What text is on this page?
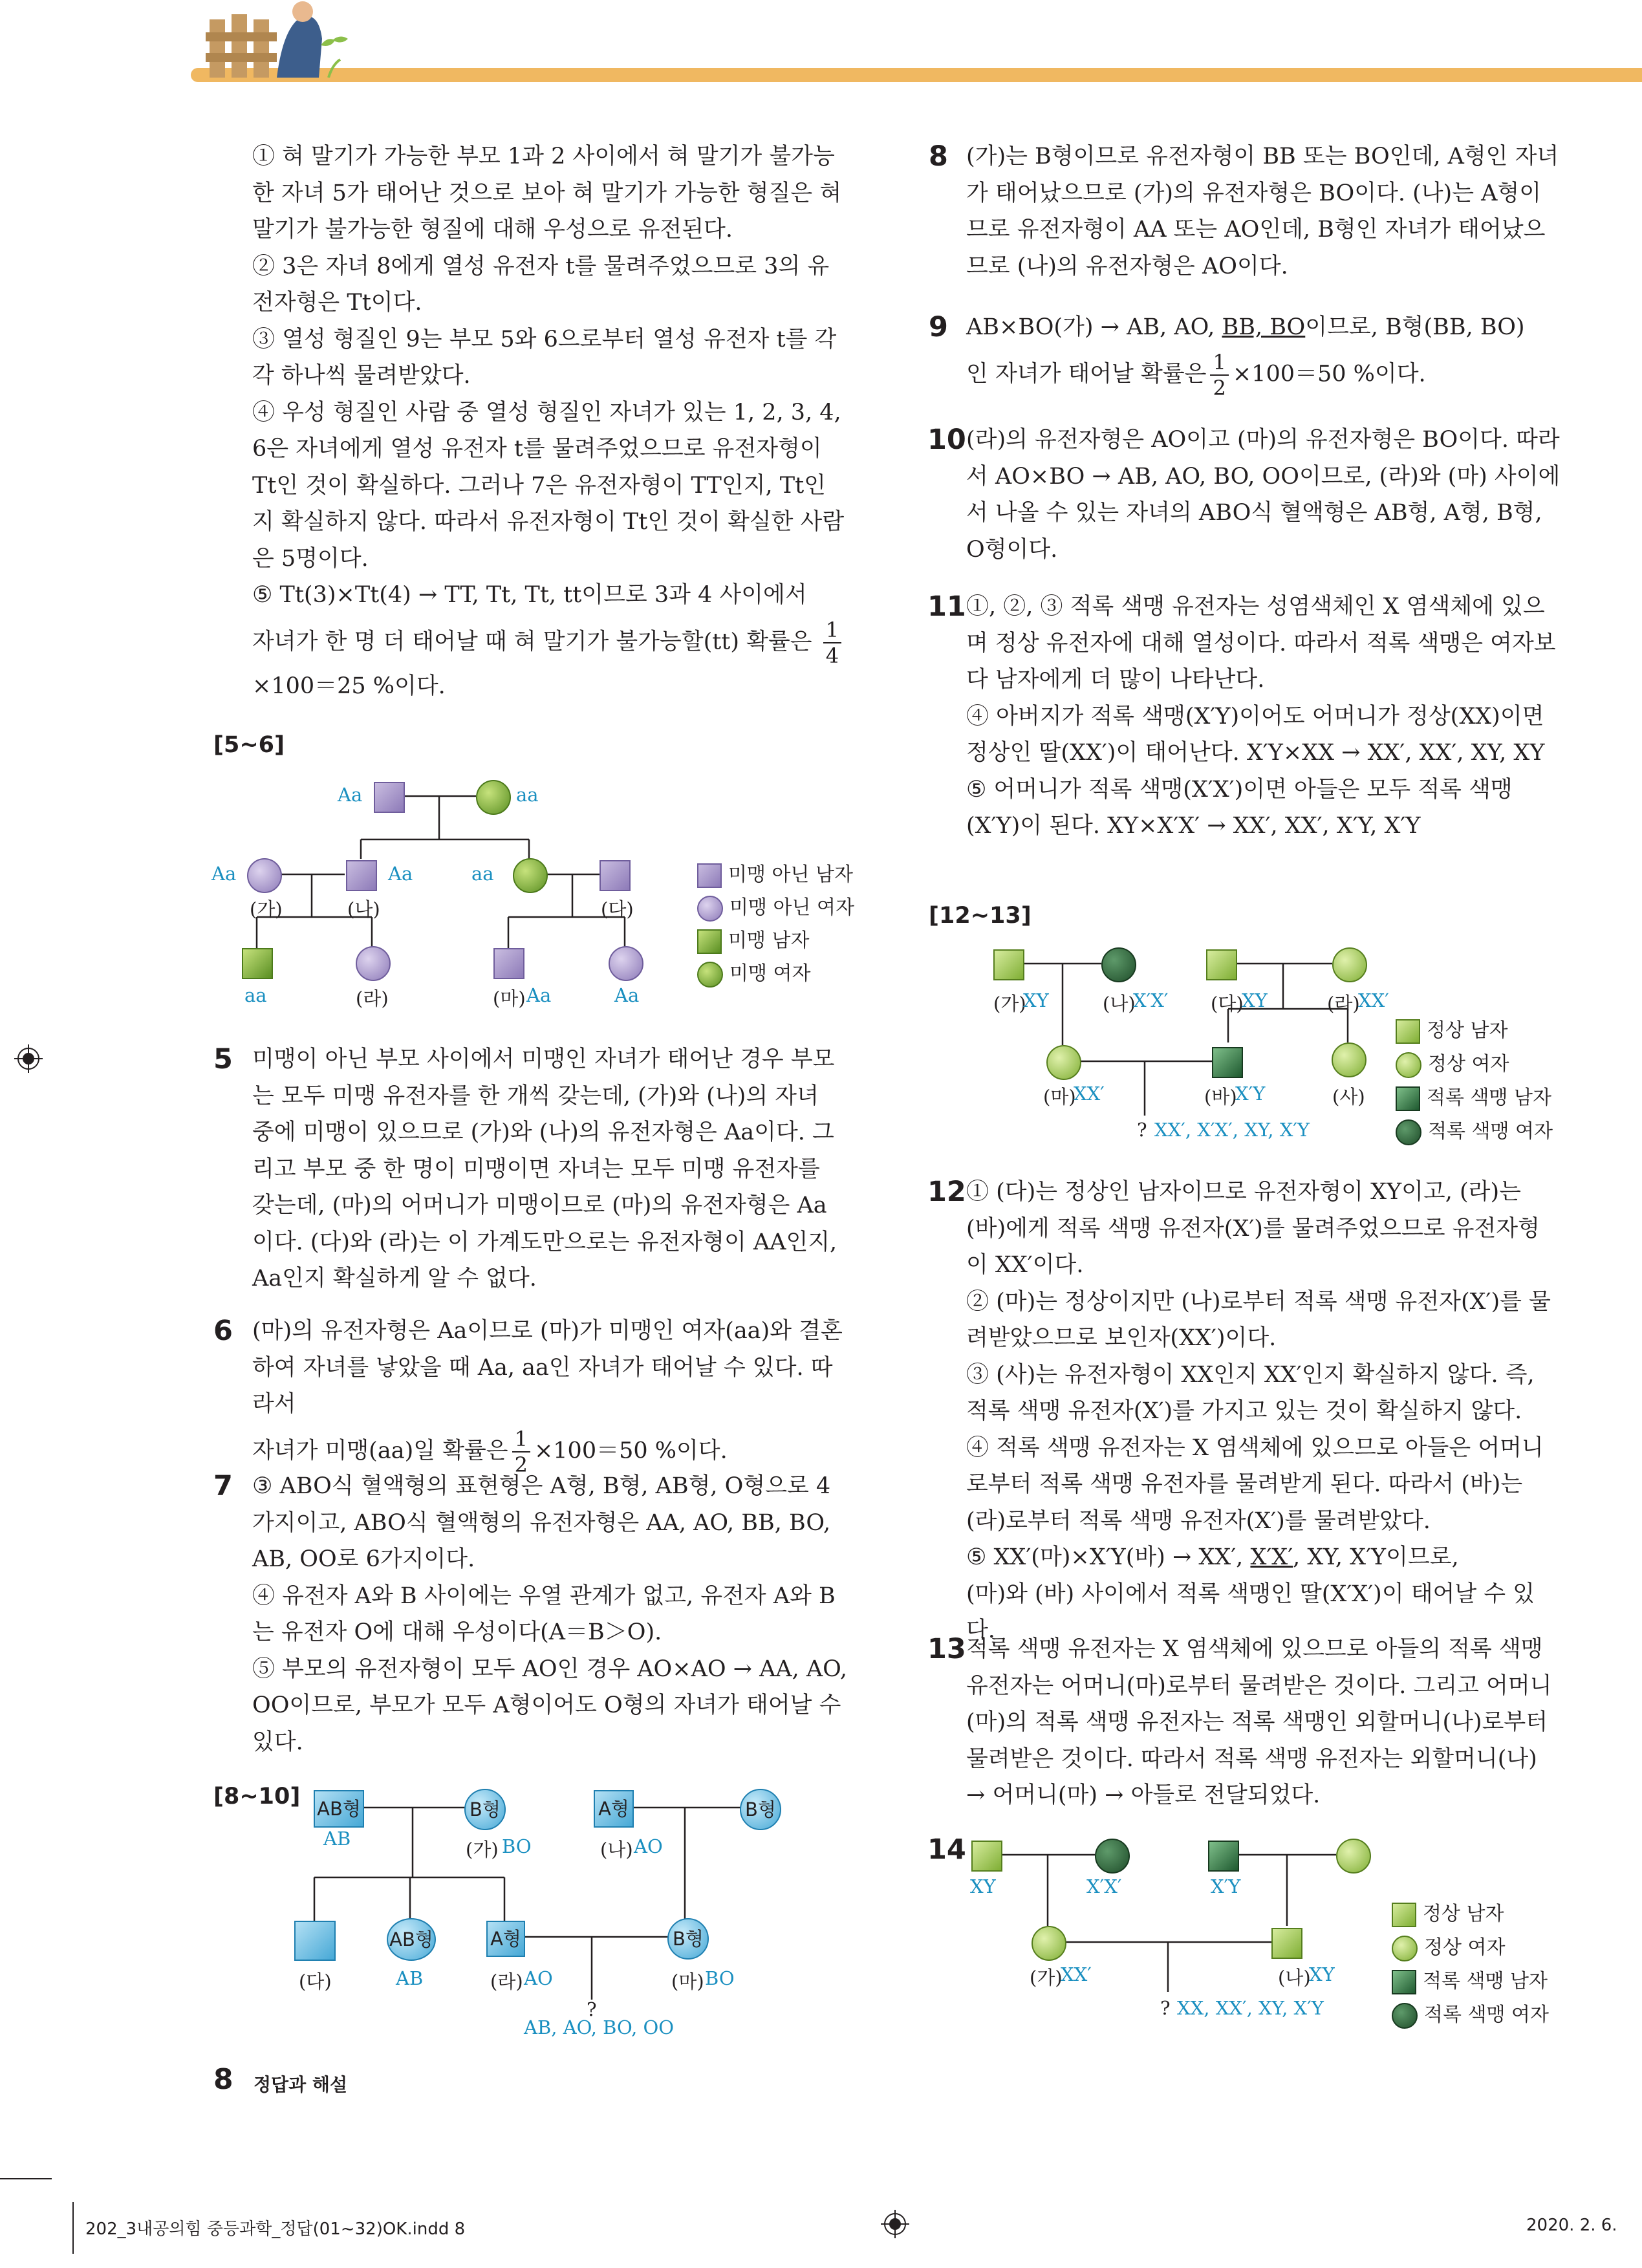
① 혀 말기가 가능한 부모 1과 2 사이에서 혀 말기가 불가능한 자녀 5가 태어난 것으로 보아 혀 말기가 가능한 형질은 혀 말기가 불가능한 형질에 대해 우성으로 유전된다.

② 3은 자녀 8에게 열성 유전자 t를 물려주었으므로 3의 유전자형은 Tt이다.

③ 열성 형질인 9는 부모 5와 6으로부터 열성 유전자 t를 각각 하나씩 물려받았다.

④ 우성 형질인 사람 중 열성 형질인 자녀가 있는 1, 2, 3, 4, 6은 자녀에게 열성 유전자 t를 물려주었으므로 유전자형이 Tt인 것이 확실하다. 그러나 7은 유전자형이 TT인지, Tt인지 확실하지 않다. 따라서 유전자형이 Tt인 것이 확실한 사람은 5명이다.

⑤ Tt(3)×Tt(4) → TT, Tt, Tt, tt이므로 3과 4 사이에서

자녀가 한 명 더 태어날 때 혀 말기가 불가능할(tt) 확률은 $\frac{1}{4}$

×100＝25 %이다.

[5~6]
Aa	aa
Aa
(가)
Aa
(나)
aa
(다)
aa	(라)	(마) Aa	Aa
미맹 아닌 남자
미맹 아닌 여자
미맹 남자
미맹 여자
5 미맹이 아닌 부모 사이에서 미맹인 자녀가 태어난 경우 부모는 모두 미맹 유전자를 한 개씩 갖는데, (가)와 (나)의 자녀 중에 미맹이 있으므로 (가)와 (나)의 유전자형은 Aa이다. 그리고 부모 중 한 명이 미맹이면 자녀는 모두 미맹 유전자를 갖는데, (마)의 어머니가 미맹이므로 (마)의 유전자형은 Aa이다. (다)와 (라)는 이 가계도만으로는 유전자형이 AA인지, Aa인지 확실하게 알 수 없다.

6 (마)의 유전자형은 Aa이므로 (마)가 미맹인 여자(aa)와 결혼하여 자녀를 낳았을 때 Aa, aa인 자녀가 태어날 수 있다. 따라서

자녀가 미맹(aa)일 확률은 $\frac{1}{2} \times 100=50$ %이다.

7 ③ ABO식 혈액형의 표현형은 A형, B형, AB형, O형으로 4가지이고, ABO식 혈액형의 유전자형은 AA, AO, BB, BO, AB, OO로 6가지이다.
④ 유전자 A와 B 사이에는 우열 관계가 없고, 유전자 A와 B는 유전자 O에 대해 우성이다(A＝B＞O).
⑤ 부모의 유전자형이 모두 AO인 경우 AO×AO → AA, AO, OO이므로, 부모가 모두 A형이어도 O형의 자녀가 태어날 수 있다.

[8~10] AB형	B형	A형	B형
AB형	A형	B형
AB	(가) BO	(나) AO
(다)	AB	(라) AO	(마) BO
?
AB, AO, BO, OO
8 (가)는 B형이므로 유전자형이 BB 또는 BO인데, A형인 자녀가 태어났으므로 (가)의 유전자형은 BO이다. (나)는 A형이므로 유전자형이 AA 또는 AO인데, B형인 자녀가 태어났으므로 (나)의 유전자형은 AO이다.

9 AB×BO(가) → AB, AO, BB, BO이므로, B형(BB, BO)

인 자녀가 태어날 확률은 $\frac{1}{2} \times 100=50$ %이다.

10 (라)의 유전자형은 AO이고 (마)의 유전자형은 BO이다. 따라서 AO×BO → AB, AO, BO, OO이므로, (라)와 (마) 사이에서 나올 수 있는 자녀의 ABO식 혈액형은 AB형, A형, B형, O형이다.

11 ①, ②, ③ 적록 색맹 유전자는 성염색체인 X 염색체에 있으며 정상 유전자에 대해 열성이다. 따라서 적록 색맹은 여자보다 남자에게 더 많이 나타난다.
④ 아버지가 적록 색맹(X′Y)이어도 어머니가 정상(XX)이면 정상인 딸(XX′)이 태어난다. X′Y×XX → XX′, XX′, XY, XY
⑤ 어머니가 적록 색맹(X′X′)이면 아들은 모두 적록 색맹(X′Y)이 된다. XY×X′X′ → XX′, XX′, X′Y, X′Y

[12~13]
(가)
XY	(나)
X′X′ (다)
XY	(라)
XX′
(마)
XX′	(바)
X′Y	(사)
? XX′, X′X′, XY, X′Y
정상 남자
정상 여자
적록 색맹 남자
적록 색맹 여자
12 ① (다)는 정상인 남자이므로 유전자형이 XY이고, (라)는 (바)에게 적록 색맹 유전자(X′)를 물려주었으므로 유전자형이 XX′이다.
② (마)는 정상이지만 (나)로부터 적록 색맹 유전자(X′)를 물려받았으므로 보인자(XX′)이다.
③ (사)는 유전자형이 XX인지 XX′인지 확실하지 않다. 즉, 적록 색맹 유전자(X′)를 가지고 있는 것이 확실하지 않다.
④ 적록 색맹 유전자는 X 염색체에 있으므로 아들은 어머니로부터 적록 색맹 유전자를 물려받게 된다. 따라서 (바)는 (라)로부터 적록 색맹 유전자(X′)를 물려받았다.

⑤ XX′(마)×X′Y(바) → XX′, X′X′, XY, X′Y이므로,

(마)와 (바) 사이에서 적록 색맹인 딸(X′X′)이 태어날 수 있다.

13 적록 색맹 유전자는 X 염색체에 있으므로 아들의 적록 색맹 유전자는 어머니(마)로부터 물려받은 것이다. 그리고 어머니(마)의 적록 색맹 유전자는 적록 색맹인 외할머니(나)로부터 물려받은 것이다. 따라서 적록 색맹 유전자는 외할머니(나) → 어머니(마) → 아들로 전달되었다.

14
XY	X′X′	X′Y
(가)
XX′	(나)
XY
? XX, XX′, XY, X′Y
정상 남자
정상 여자
적록 색맹 남자
적록 색맹 여자
8 정답과 해설
202_3내공의힘 중등과학_정답(01~32)OK.indd 8	2020. 2. 6.
